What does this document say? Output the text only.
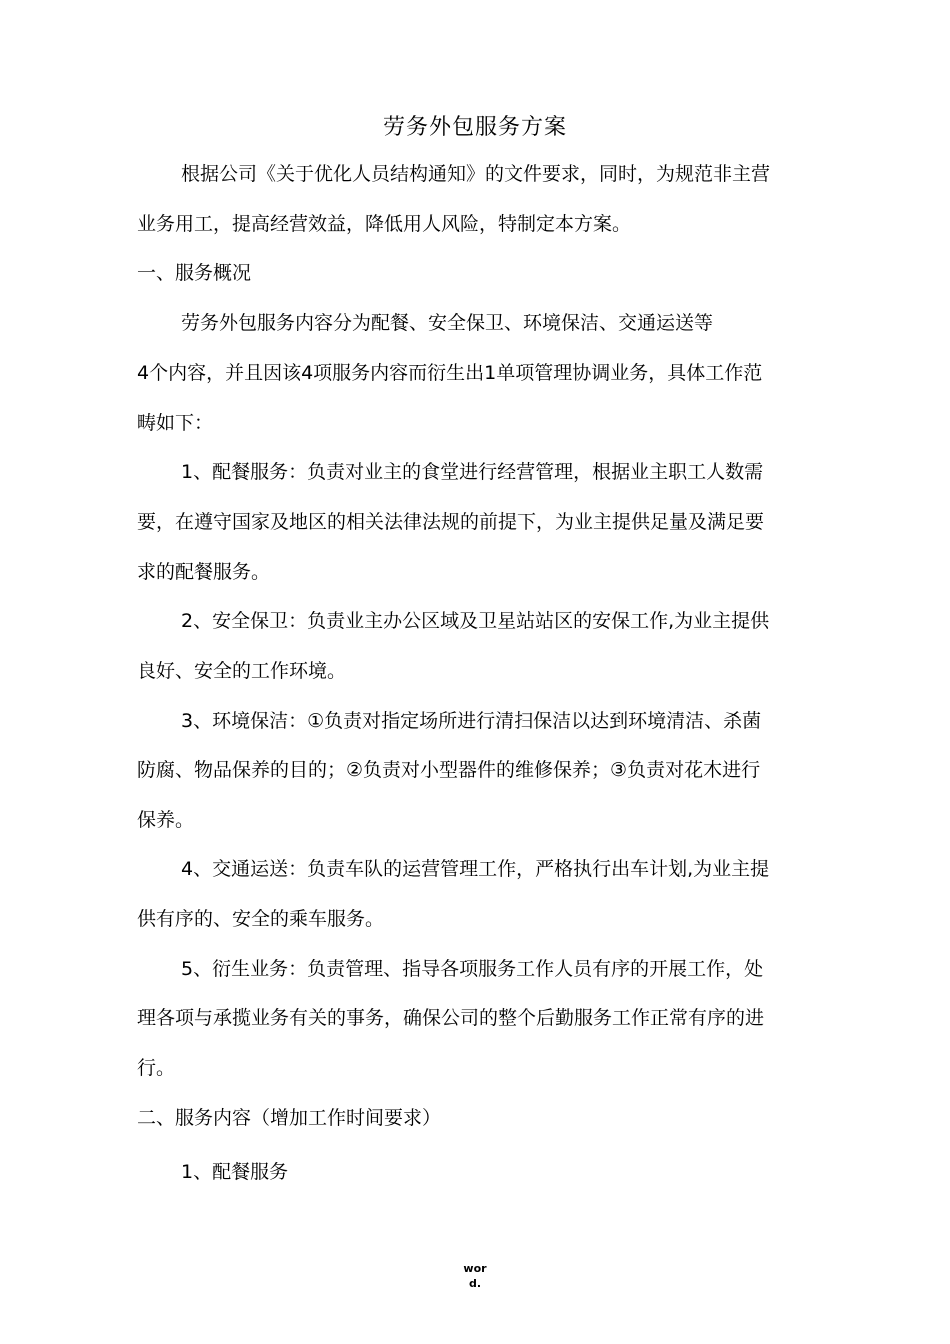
劳务外包服务方案
根据公司《关于优化人员结构通知》的文件要求，同时，为规范非主营
业务用工，提高经营效益，降低用人风险，特制定本方案。
一、服务概况
劳务外包服务内容分为配餐、安全保卫、环境保洁、交通运送等
4个内容，并且因该4项服务内容而衍生出1单项管理协调业务，具体工作范
畴如下：
1、配餐服务：负责对业主的食堂进行经营管理，根据业主职工人数需
要，在遵守国家及地区的相关法律法规的前提下，为业主提供足量及满足要
求的配餐服务。
2、安全保卫：负责业主办公区域及卫星站站区的安保工作,为业主提供
良好、安全的工作环境。
3、环境保洁：①负责对指定场所进行清扫保洁以达到环境清洁、杀菌
防腐、物品保养的目的；②负责对小型器件的维修保养；③负责对花木进行
保养。
4、交通运送：负责车队的运营管理工作，严格执行出车计划,为业主提
供有序的、安全的乘车服务。
5、衍生业务：负责管理、指导各项服务工作人员有序的开展工作，处
理各项与承揽业务有关的事务，确保公司的整个后勤服务工作正常有序的进
行。
二、服务内容（增加工作时间要求）
1、配餐服务
wor
d.
